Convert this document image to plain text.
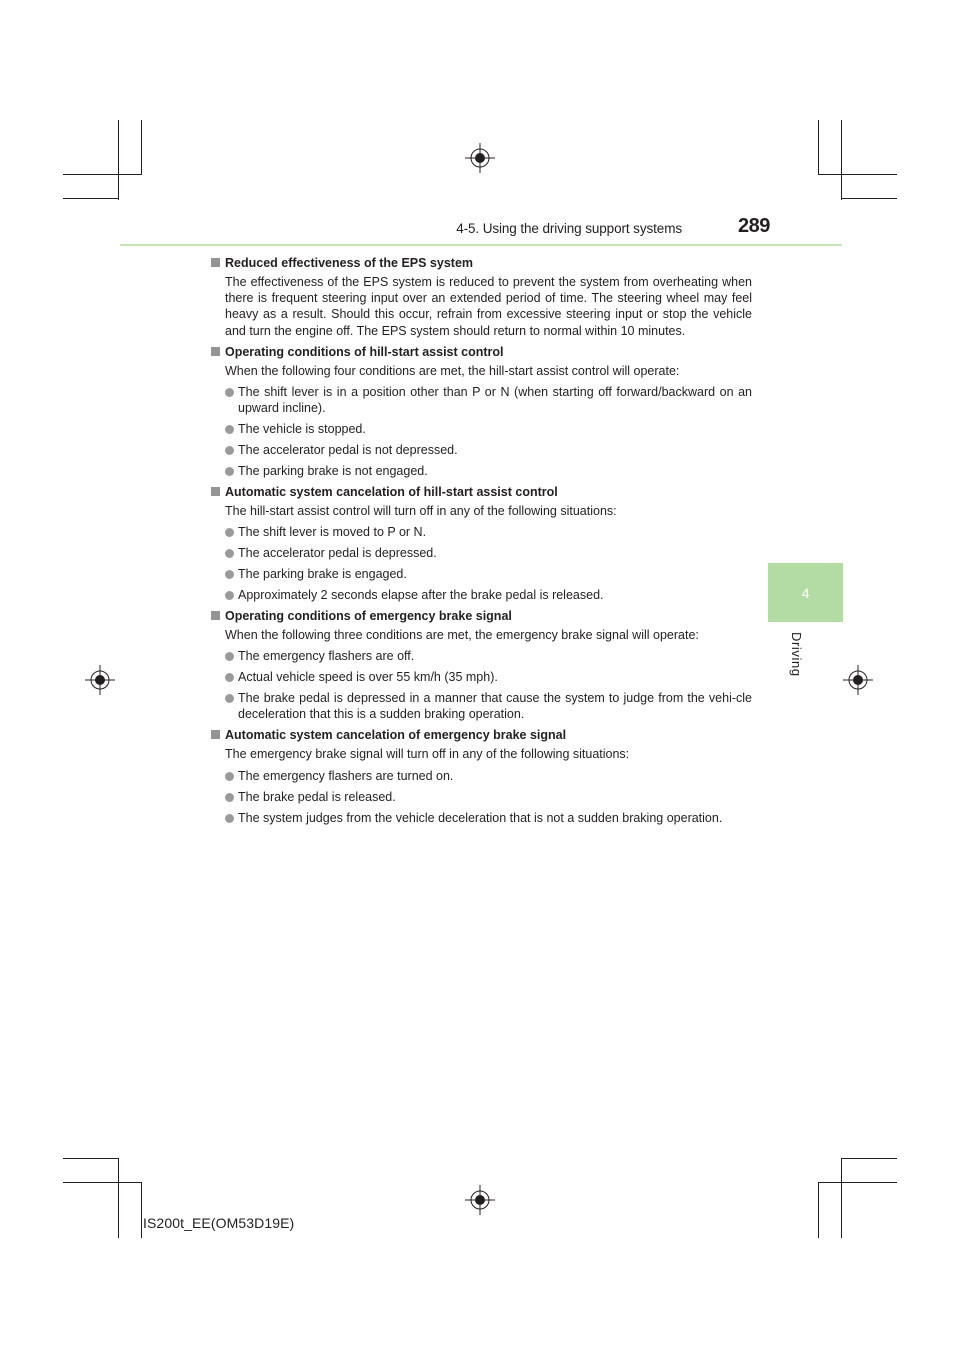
4-5. Using the driving support systems	289
4
Driving
Reduced effectiveness of the EPS system
The effectiveness of the EPS system is reduced to prevent the system from overheating when there is frequent steering input over an extended period of time. The steering wheel may feel heavy as a result. Should this occur, refrain from excessive steering input or stop the vehicle and turn the engine off. The EPS system should return to normal within 10 minutes.
Operating conditions of hill-start assist control
When the following four conditions are met, the hill-start assist control will operate:
The shift lever is in a position other than P or N (when starting off forward/backward on an upward incline).
The vehicle is stopped.
The accelerator pedal is not depressed.
The parking brake is not engaged.
Automatic system cancelation of hill-start assist control
The hill-start assist control will turn off in any of the following situations:
The shift lever is moved to P or N.
The accelerator pedal is depressed.
The parking brake is engaged.
Approximately 2 seconds elapse after the brake pedal is released.
Operating conditions of emergency brake signal
When the following three conditions are met, the emergency brake signal will operate:
The emergency flashers are off.
Actual vehicle speed is over 55 km/h (35 mph).
The brake pedal is depressed in a manner that cause the system to judge from the vehi-cle deceleration that this is a sudden braking operation.
Automatic system cancelation of emergency brake signal
The emergency brake signal will turn off in any of the following situations:
The emergency flashers are turned on.
The brake pedal is released.
The system judges from the vehicle deceleration that is not a sudden braking operation.
IS200t_EE(OM53D19E)
